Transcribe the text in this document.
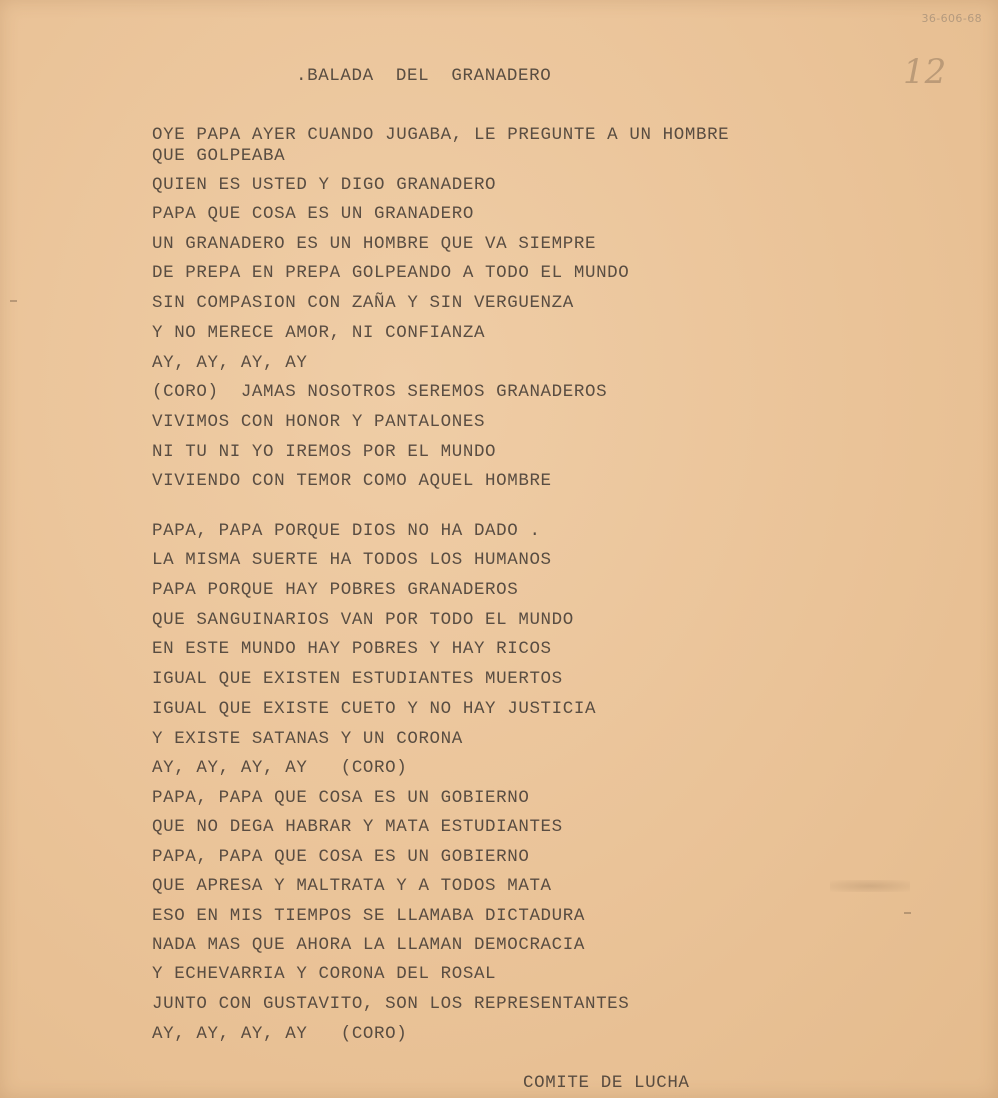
36-606-68
12
.BALADA  DEL  GRANADERO
OYE PAPA AYER CUANDO JUGABA, LE PREGUNTE A UN HOMBRE
QUE GOLPEABA
QUIEN ES USTED Y DIGO GRANADERO
PAPA QUE COSA ES UN GRANADERO
UN GRANADERO ES UN HOMBRE QUE VA SIEMPRE
DE PREPA EN PREPA GOLPEANDO A TODO EL MUNDO
SIN COMPASION CON ZAÑA Y SIN VERGUENZA
Y NO MERECE AMOR, NI CONFIANZA
AY, AY, AY, AY
(CORO)  JAMAS NOSOTROS SEREMOS GRANADEROS
VIVIMOS CON HONOR Y PANTALONES
NI TU NI YO IREMOS POR EL MUNDO
VIVIENDO CON TEMOR COMO AQUEL HOMBRE
PAPA, PAPA PORQUE DIOS NO HA DADO .
LA MISMA SUERTE HA TODOS LOS HUMANOS
PAPA PORQUE HAY POBRES GRANADEROS
QUE SANGUINARIOS VAN POR TODO EL MUNDO
EN ESTE MUNDO HAY POBRES Y HAY RICOS
IGUAL QUE EXISTEN ESTUDIANTES MUERTOS
IGUAL QUE EXISTE CUETO Y NO HAY JUSTICIA
Y EXISTE SATANAS Y UN CORONA
AY, AY, AY, AY   (CORO)
PAPA, PAPA QUE COSA ES UN GOBIERNO
QUE NO DEGA HABRAR Y MATA ESTUDIANTES
PAPA, PAPA QUE COSA ES UN GOBIERNO
QUE APRESA Y MALTRATA Y A TODOS MATA
ESO EN MIS TIEMPOS SE LLAMABA DICTADURA
NADA MAS QUE AHORA LA LLAMAN DEMOCRACIA
Y ECHEVARRIA Y CORONA DEL ROSAL
JUNTO CON GUSTAVITO, SON LOS REPRESENTANTES
AY, AY, AY, AY   (CORO)
COMITE DE LUCHA
